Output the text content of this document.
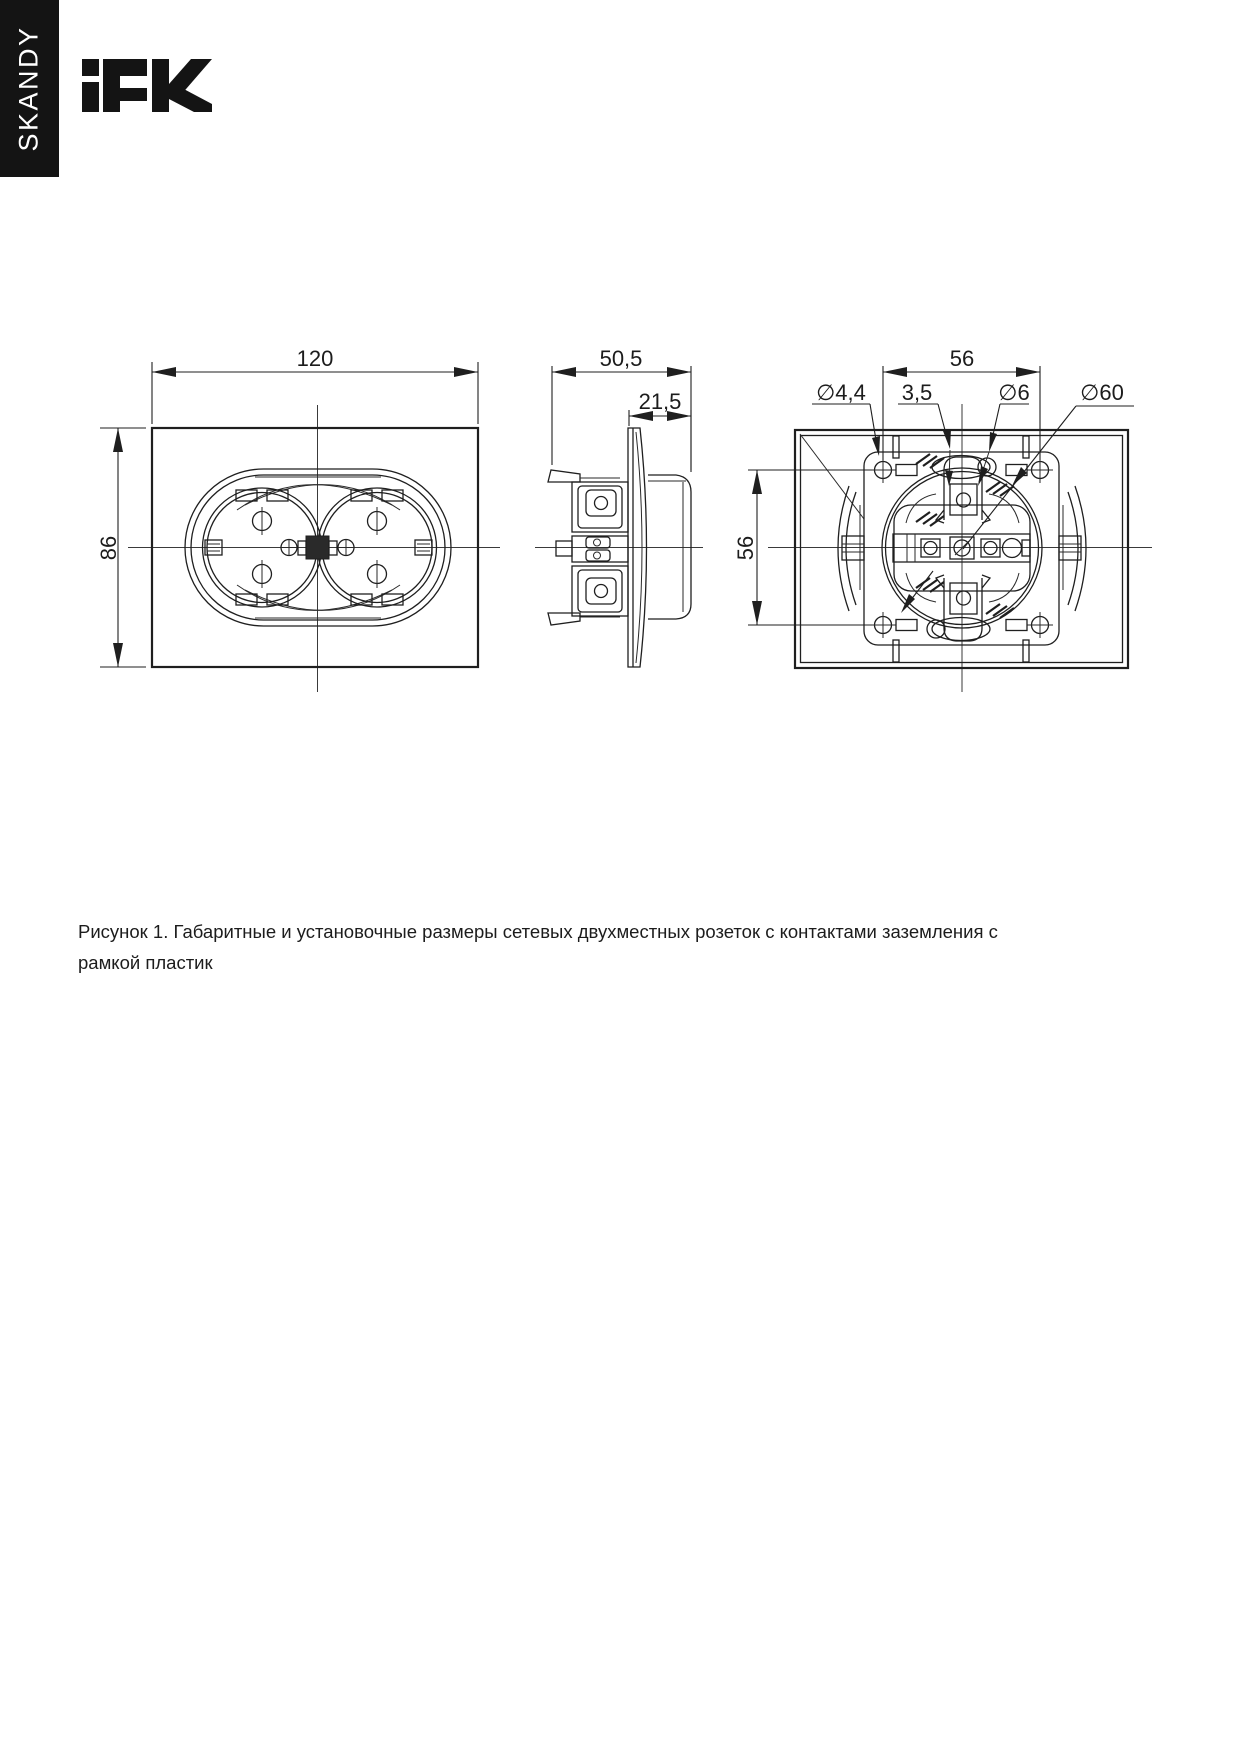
SKANDY
120
86
50,5
21,5	∅4,4 3,5	∅6 ∅60
56
56
Рисунок 1. Габаритные и установочные размеры сетевых двухместных розеток с контактами заземления с рамкой пластик
